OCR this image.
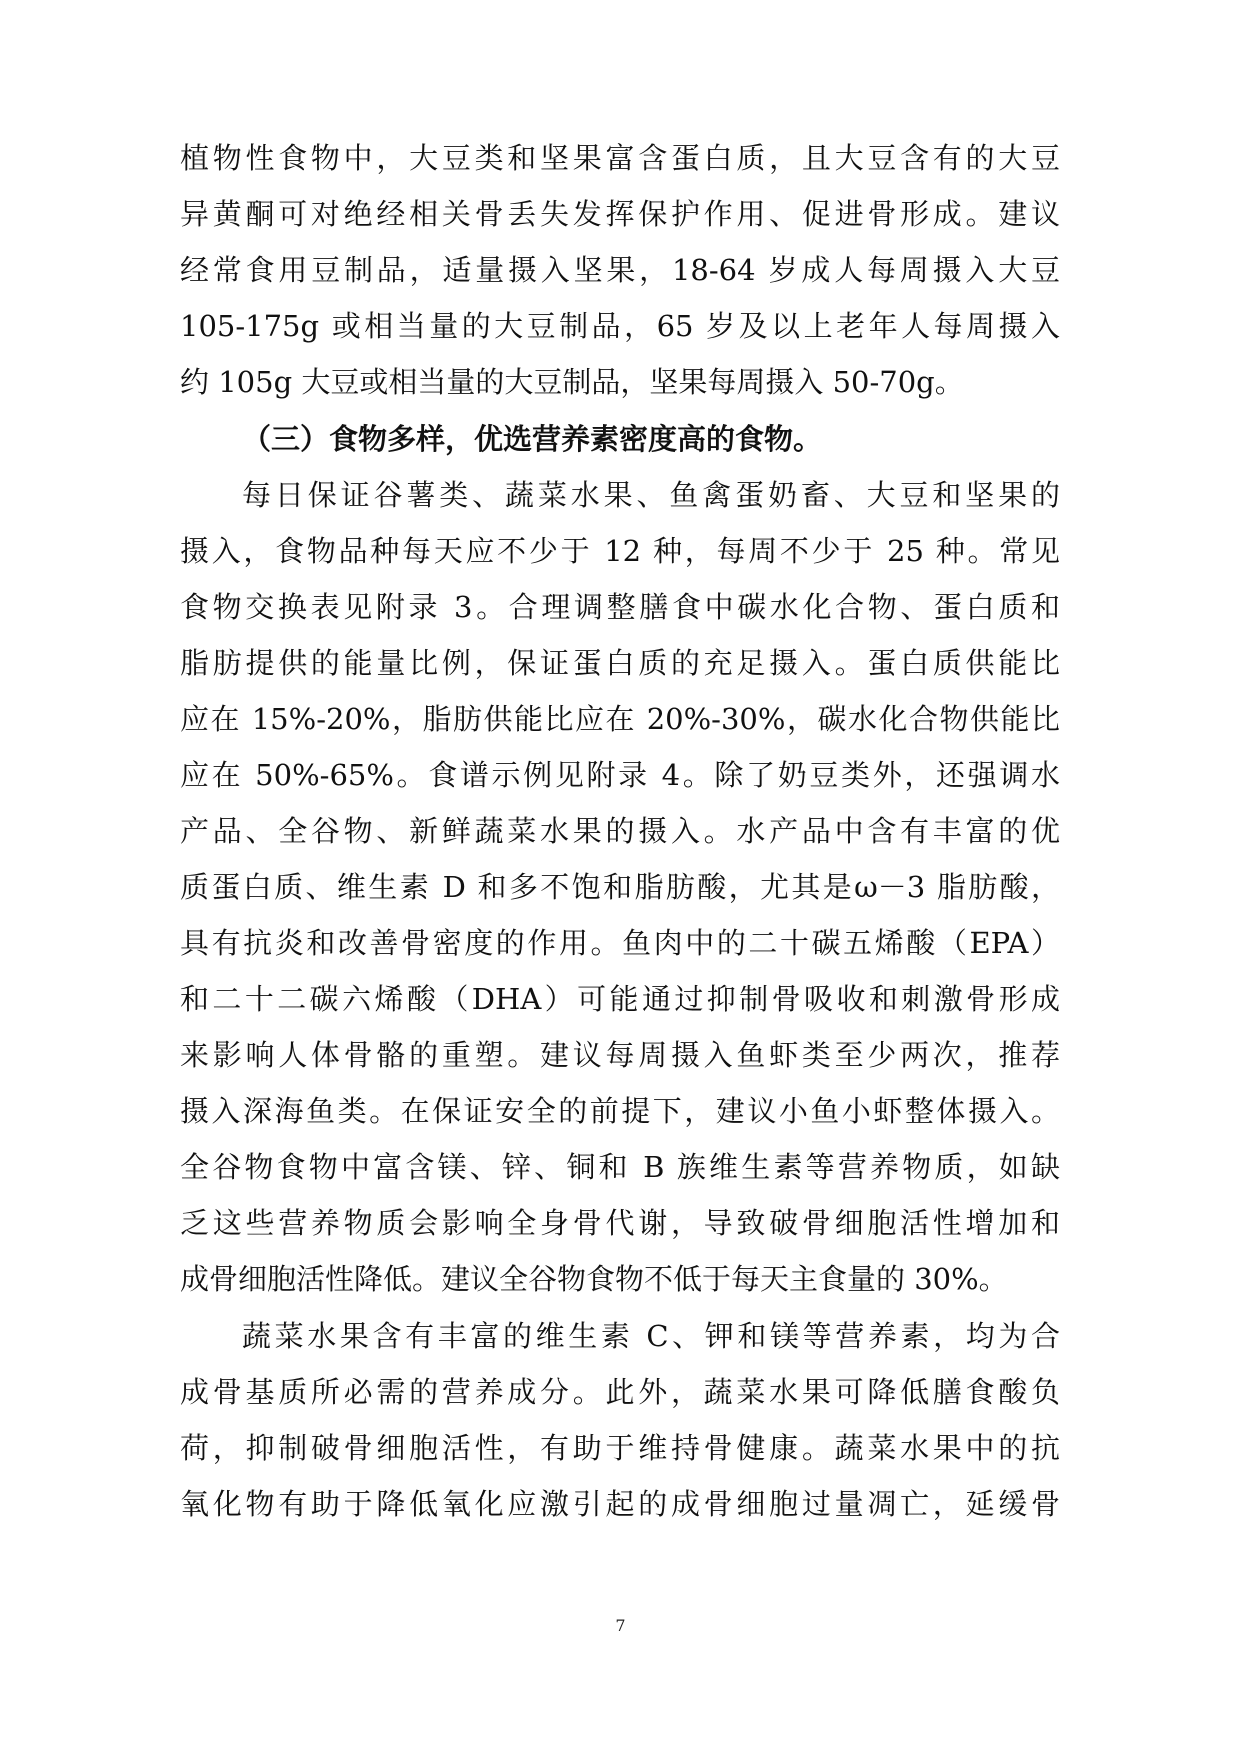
植物性食物中，大豆类和坚果富含蛋白质，且大豆含有的大豆

异黄酮可对绝经相关骨丢失发挥保护作用、促进骨形成。建议

经常食用豆制品，适量摄入坚果，18-64 岁成人每周摄入大豆

105-175g 或相当量的大豆制品，65 岁及以上老年人每周摄入

约 105g 大豆或相当量的大豆制品，坚果每周摄入 50-70g。

（三）食物多样，优选营养素密度高的食物。

每日保证谷薯类、蔬菜水果、鱼禽蛋奶畜、大豆和坚果的

摄入，食物品种每天应不少于 12 种，每周不少于 25 种。常见

食物交换表见附录 3。合理调整膳食中碳水化合物、蛋白质和

脂肪提供的能量比例，保证蛋白质的充足摄入。蛋白质供能比

应在 15%-20%，脂肪供能比应在 20%-30%，碳水化合物供能比

应在 50%-65%。食谱示例见附录 4。除了奶豆类外，还强调水

产品、全谷物、新鲜蔬菜水果的摄入。水产品中含有丰富的优

质蛋白质、维生素 D 和多不饱和脂肪酸，尤其是ω－3 脂肪酸，

具有抗炎和改善骨密度的作用。鱼肉中的二十碳五烯酸（EPA）

和二十二碳六烯酸（DHA）可能通过抑制骨吸收和刺激骨形成

来影响人体骨骼的重塑。建议每周摄入鱼虾类至少两次，推荐

摄入深海鱼类。在保证安全的前提下，建议小鱼小虾整体摄入。

全谷物食物中富含镁、锌、铜和 B 族维生素等营养物质，如缺

乏这些营养物质会影响全身骨代谢，导致破骨细胞活性增加和

成骨细胞活性降低。建议全谷物食物不低于每天主食量的 30%。

蔬菜水果含有丰富的维生素 C、钾和镁等营养素，均为合

成骨基质所必需的营养成分。此外，蔬菜水果可降低膳食酸负

荷，抑制破骨细胞活性，有助于维持骨健康。蔬菜水果中的抗

氧化物有助于降低氧化应激引起的成骨细胞过量凋亡，延缓骨

7
